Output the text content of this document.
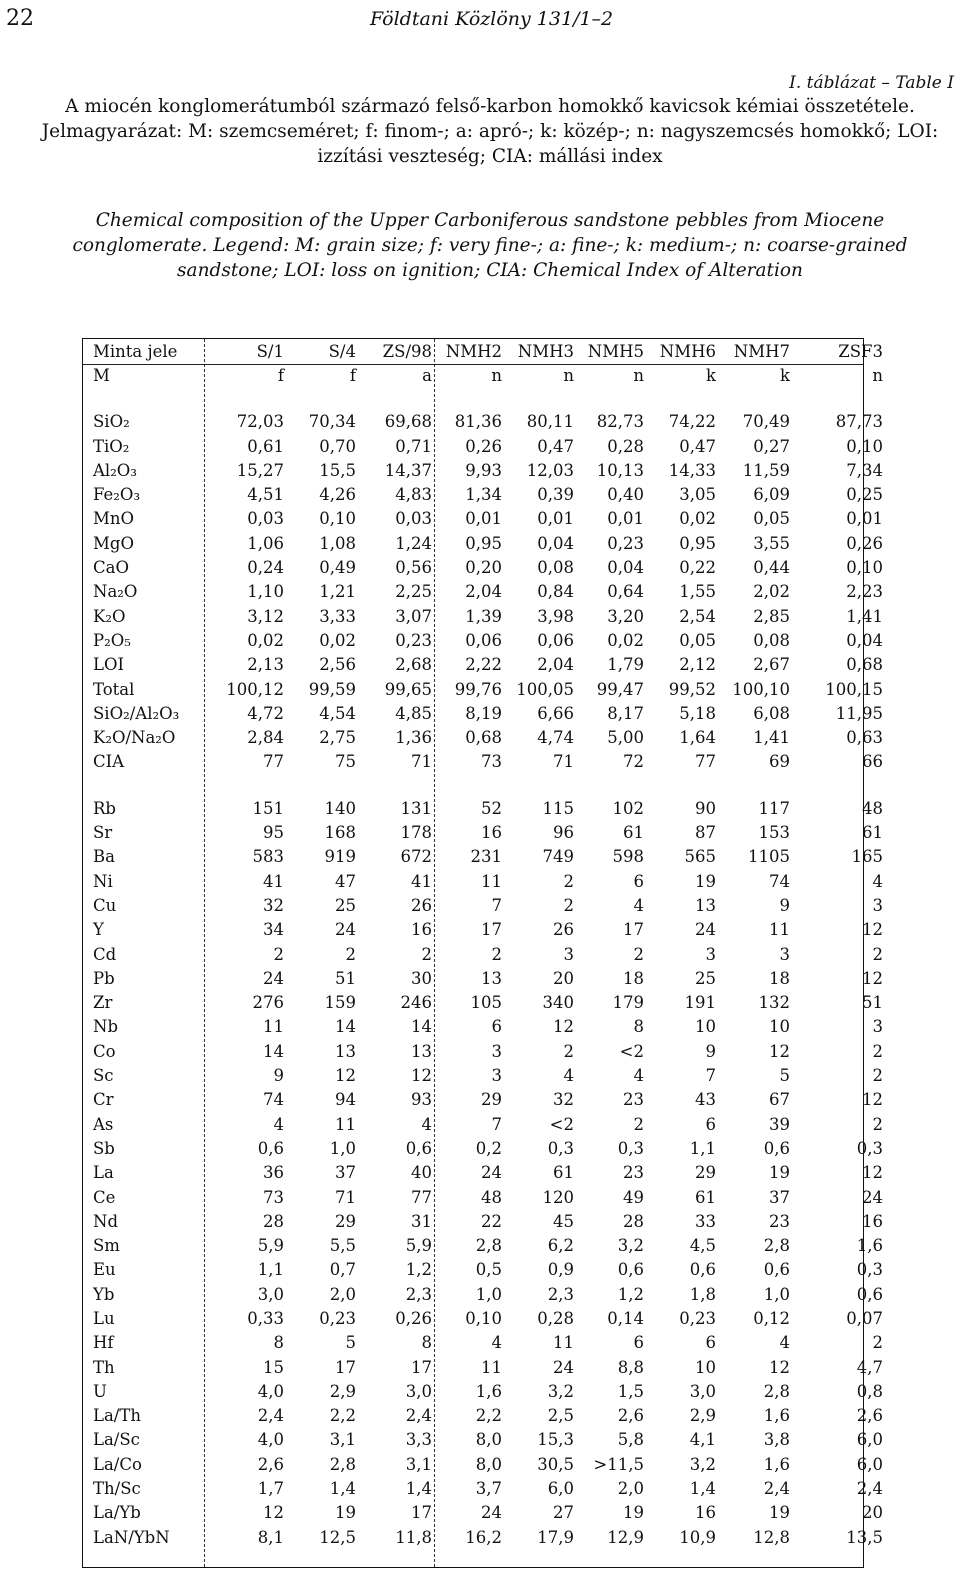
22	Földtani Közlöny 131/1–2
I. táblázat – Table I
A miocén konglomerátumból származó felső-karbon homokkő kavicsok kémiai összetétele. Jelmagyarázat: M: szemcseméret; f: finom-; a: apró-; k: közép-; n: nagyszemcsés homokkő; LOI: izzítási veszteség; CIA: mállási index
Chemical composition of the Upper Carboniferous sandstone pebbles from Miocene conglomerate. Legend: M: grain size; f: very fine-; a: fine-; k: medium-; n: coarse-grained sandstone; LOI: loss on ignition; CIA: Chemical Index of Alteration
Minta jele	S/1	S/4	ZS/98	NMH2	NMH3	NMH5	NMH6	NMH7	ZSF3
M	f	f	a	n	n	n	k	k	n

SiO₂	72,03	70,34	69,68	81,36	80,11	82,73	74,22	70,49	87,73
TiO₂	0,61	0,70	0,71	0,26	0,47	0,28	0,47	0,27	0,10
Al₂O₃	15,27	15,5	14,37	9,93	12,03	10,13	14,33	11,59	7,34
Fe₂O₃	4,51	4,26	4,83	1,34	0,39	0,40	3,05	6,09	0,25
MnO	0,03	0,10	0,03	0,01	0,01	0,01	0,02	0,05	0,01
MgO	1,06	1,08	1,24	0,95	0,04	0,23	0,95	3,55	0,26
CaO	0,24	0,49	0,56	0,20	0,08	0,04	0,22	0,44	0,10
Na₂O	1,10	1,21	2,25	2,04	0,84	0,64	1,55	2,02	2,23
K₂O	3,12	3,33	3,07	1,39	3,98	3,20	2,54	2,85	1,41
P₂O₅	0,02	0,02	0,23	0,06	0,06	0,02	0,05	0,08	0,04
LOI	2,13	2,56	2,68	2,22	2,04	1,79	2,12	2,67	0,68
Total	100,12	99,59	99,65	99,76	100,05	99,47	99,52	100,10	100,15
SiO₂/Al₂O₃	4,72	4,54	4,85	8,19	6,66	8,17	5,18	6,08	11,95
K₂O/Na₂O	2,84	2,75	1,36	0,68	4,74	5,00	1,64	1,41	0,63
CIA	77	75	71	73	71	72	77	69	66

Rb	151	140	131	52	115	102	90	117	48
Sr	95	168	178	16	96	61	87	153	61
Ba	583	919	672	231	749	598	565	1105	165
Ni	41	47	41	11	2	6	19	74	4
Cu	32	25	26	7	2	4	13	9	3
Y	34	24	16	17	26	17	24	11	12
Cd	2	2	2	2	3	2	3	3	2
Pb	24	51	30	13	20	18	25	18	12
Zr	276	159	246	105	340	179	191	132	51
Nb	11	14	14	6	12	8	10	10	3
Co	14	13	13	3	2	<2	9	12	2
Sc	9	12	12	3	4	4	7	5	2
Cr	74	94	93	29	32	23	43	67	12
As	4	11	4	7	<2	2	6	39	2
Sb	0,6	1,0	0,6	0,2	0,3	0,3	1,1	0,6	0,3
La	36	37	40	24	61	23	29	19	12
Ce	73	71	77	48	120	49	61	37	24
Nd	28	29	31	22	45	28	33	23	16
Sm	5,9	5,5	5,9	2,8	6,2	3,2	4,5	2,8	1,6
Eu	1,1	0,7	1,2	0,5	0,9	0,6	0,6	0,6	0,3
Yb	3,0	2,0	2,3	1,0	2,3	1,2	1,8	1,0	0,6
Lu	0,33	0,23	0,26	0,10	0,28	0,14	0,23	0,12	0,07
Hf	8	5	8	4	11	6	6	4	2
Th	15	17	17	11	24	8,8	10	12	4,7
U	4,0	2,9	3,0	1,6	3,2	1,5	3,0	2,8	0,8
La/Th	2,4	2,2	2,4	2,2	2,5	2,6	2,9	1,6	2,6
La/Sc	4,0	3,1	3,3	8,0	15,3	5,8	4,1	3,8	6,0
La/Co	2,6	2,8	3,1	8,0	30,5	>11,5	3,2	1,6	6,0
Th/Sc	1,7	1,4	1,4	3,7	6,0	2,0	1,4	2,4	2,4
La/Yb	12	19	17	24	27	19	16	19	20
LaN/YbN	8,1	12,5	11,8	16,2	17,9	12,9	10,9	12,8	13,5
